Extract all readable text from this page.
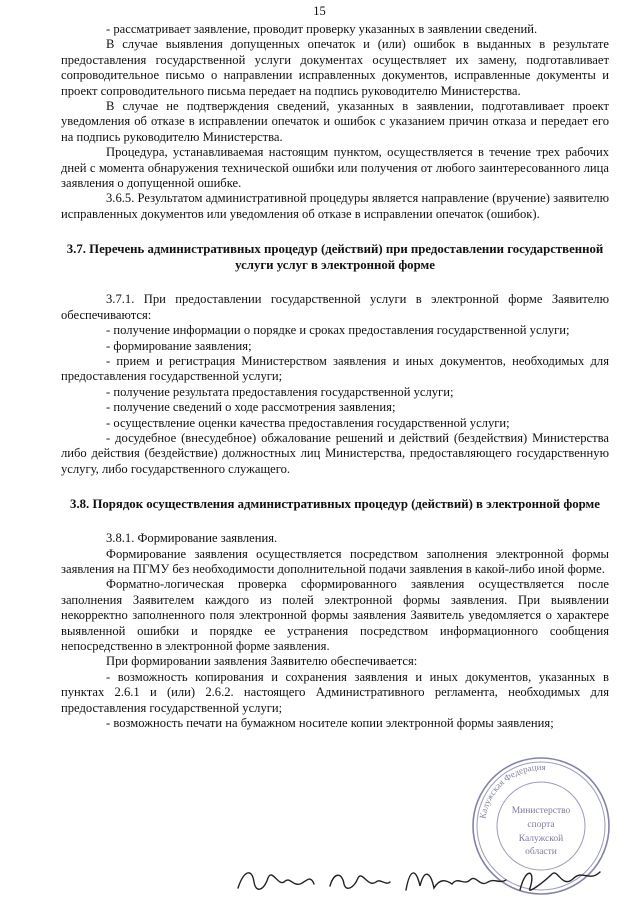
15

- рассматривает заявление, проводит проверку указанных в заявлении сведений.

В случае выявления допущенных опечаток и (или) ошибок в выданных в результате предоставления государственной услуги документах осуществляет их замену, подготавливает сопроводительное письмо о направлении исправленных документов, исправленные документы и проект сопроводительного письма передает на подпись руководителю Министерства.

В случае не подтверждения сведений, указанных в заявлении, подготавливает проект уведомления об отказе в исправлении опечаток и ошибок с указанием причин отказа и передает его на подпись руководителю Министерства.

Процедура, устанавливаемая настоящим пунктом, осуществляется в течение трех рабочих дней с момента обнаружения технической ошибки или получения от любого заинтересованного лица заявления о допущенной ошибке.

3.6.5. Результатом административной процедуры является направление (вручение) заявителю исправленных документов или уведомления об отказе в исправлении опечаток (ошибок).

3.7. Перечень административных процедур (действий) при предоставлении государственной услуги услуг в электронной форме

3.7.1. При предоставлении государственной услуги в электронной форме Заявителю обеспечиваются:

- получение информации о порядке и сроках предоставления государственной услуги;

- формирование заявления;

- прием и регистрация Министерством заявления и иных документов, необходимых для предоставления государственной услуги;

- получение результата предоставления государственной услуги;

- получение сведений о ходе рассмотрения заявления;

- осуществление оценки качества предоставления государственной услуги;

- досудебное (внесудебное) обжалование решений и действий (бездействия) Министерства либо действия (бездействие) должностных лиц Министерства, предоставляющего государственную услугу, либо государственного служащего.

3.8. Порядок осуществления административных процедур (действий) в электронной форме

3.8.1. Формирование заявления.

Формирование заявления осуществляется посредством заполнения электронной формы заявления на ПГМУ без необходимости дополнительной подачи заявления в какой-либо иной форме.

Форматно-логическая проверка сформированного заявления осуществляется после заполнения Заявителем каждого из полей электронной формы заявления. При выявлении некорректно заполненного поля электронной формы заявления Заявитель уведомляется о характере выявленной ошибки и порядке ее устранения посредством информационного сообщения непосредственно в электронной форме заявления.

При формировании заявления Заявителю обеспечивается:

- возможность копирования и сохранения заявления и иных документов, указанных в пунктах 2.6.1 и (или) 2.6.2. настоящего Административного регламента, необходимых для предоставления государственной услуги;

- возможность печати на бумажном носителе копии электронной формы заявления;

Калужская Федерация
Министерство
спорта
Калужской
области
